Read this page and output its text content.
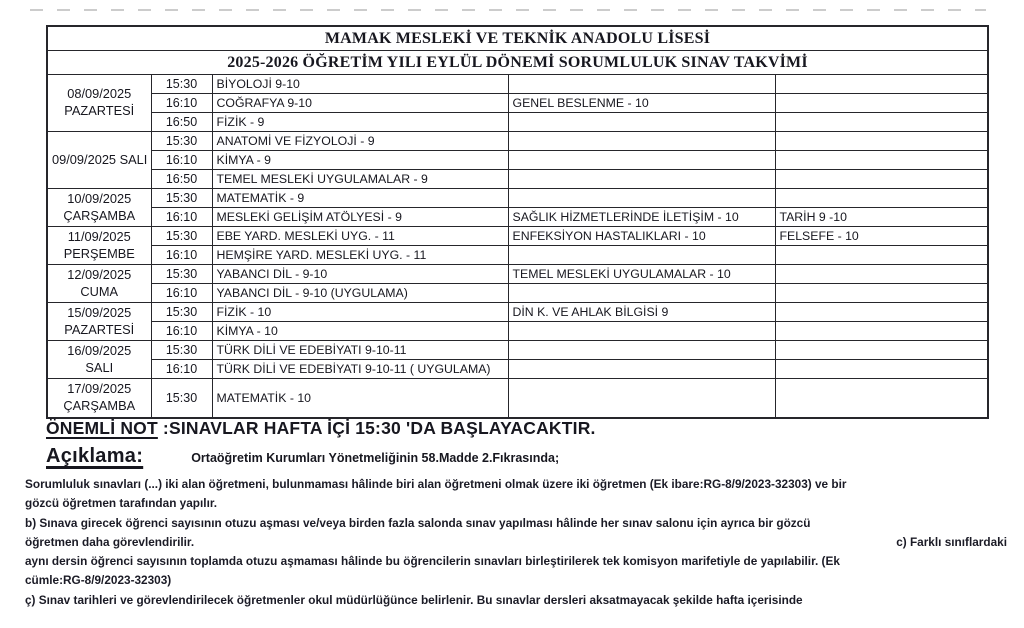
MAMAK MESLEKİ VE TEKNİK ANADOLU LİSESİ				
2025-2026 ÖĞRETİM YILI EYLÜL DÖNEMİ SORUMLULUK SINAV TAKVİMİ				

08/09/2025
PAZARTESİ	15:30	BİYOLOJİ 9-10		
	16:10	COĞRAFYA 9-10	GENEL BESLENME - 10	
	16:50	FİZİK - 9		

09/09/2025 SALI	15:30	ANATOMİ VE FİZYOLOJİ - 9		
	16:10	KİMYA - 9		
	16:50	TEMEL MESLEKİ UYGULAMALAR - 9		

10/09/2025
ÇARŞAMBA	15:30	MATEMATİK - 9		
	16:10	MESLEKİ GELİŞİM ATÖLYESİ - 9	SAĞLIK HİZMETLERİNDE İLETİŞİM - 10	TARİH 9 -10

11/09/2025
PERŞEMBE	15:30	EBE YARD. MESLEKİ UYG. - 11	ENFEKSİYON HASTALIKLARI - 10	FELSEFE - 10
	16:10	HEMŞİRE YARD. MESLEKİ UYG. - 11		

12/09/2025
CUMA	15:30	YABANCI DİL - 9-10	TEMEL MESLEKİ UYGULAMALAR - 10	
	16:10	YABANCI DİL - 9-10 (UYGULAMA)		

15/09/2025
PAZARTESİ	15:30	FİZİK - 10	DİN K. VE AHLAK BİLGİSİ 9	
	16:10	KİMYA - 10		

16/09/2025
SALI	15:30	TÜRK DİLİ VE EDEBİYATI 9-10-11		
	16:10	TÜRK DİLİ VE EDEBİYATI 9-10-11 ( UYGULAMA)		

17/09/2025
ÇARŞAMBA	15:30	MATEMATİK - 10		
ÖNEMLİ NOT :SINAVLAR HAFTA İÇİ 15:30 'DA BAŞLAYACAKTIR.
Açıklama:	Ortaöğretim Kurumları Yönetmeliğinin 58.Madde 2.Fıkrasında;
Sorumluluk sınavları (...) iki alan öğretmeni, bulunmaması hâlinde biri alan öğretmeni olmak üzere iki öğretmen (Ek ibare:RG-8/9/2023-32303) ve bir
gözcü öğretmen tarafından yapılır.
b) Sınava girecek öğrenci sayısının otuzu aşması ve/veya birden fazla salonda sınav yapılması hâlinde her sınav salonu için ayrıca bir gözcü
öğretmen daha görevlendirilir.	c) Farklı sınıflardaki
aynı dersin öğrenci sayısının toplamda otuzu aşmaması hâlinde bu öğrencilerin sınavları birleştirilerek tek komisyon marifetiyle de yapılabilir. (Ek
cümle:RG-8/9/2023-32303)
ç) Sınav tarihleri ve görevlendirilecek öğretmenler okul müdürlüğünce belirlenir. Bu sınavlar dersleri aksatmayacak şekilde hafta içerisinde
